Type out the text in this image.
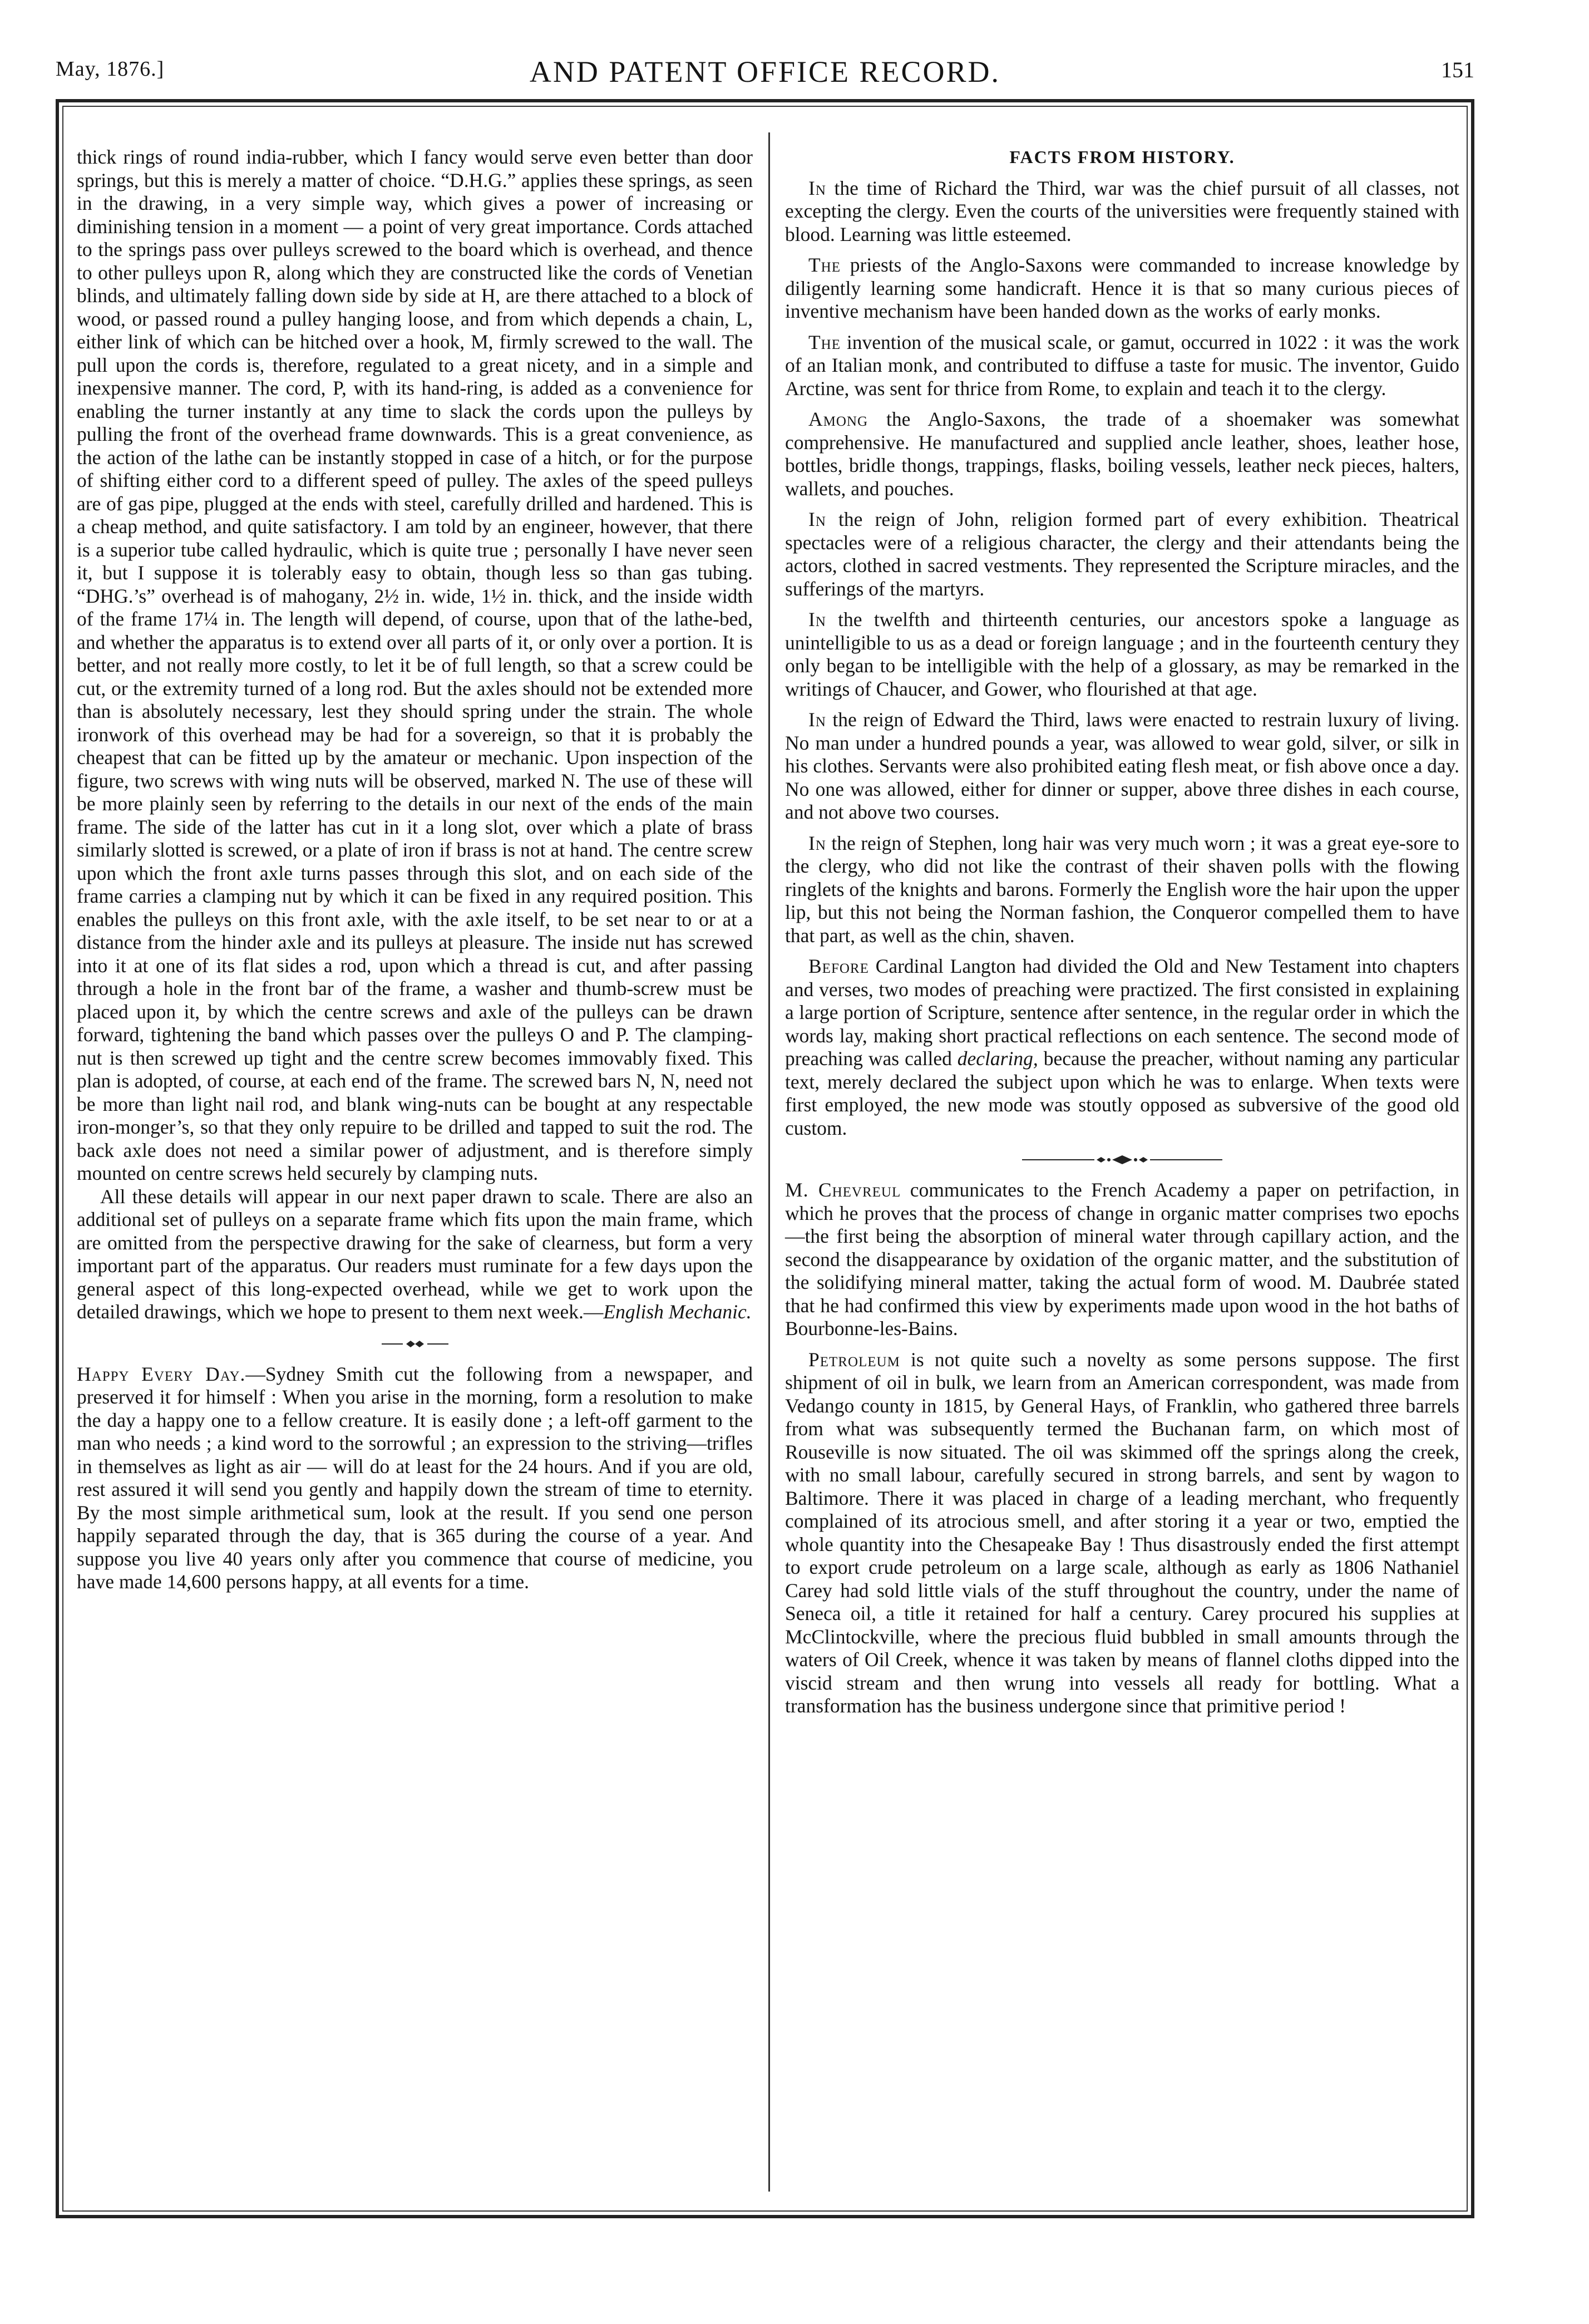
May, 1876.]	AND PATENT OFFICE RECORD.	151

thick rings of round india-rubber, which I fancy would serve even better than door springs, but this is merely a matter of choice. “D.H.G.” applies these springs, as seen in the drawing, in a very simple way, which gives a power of increasing or diminishing tension in a moment — a point of very great importance. Cords attached to the springs pass over pulleys screwed to the board which is overhead, and thence to other pulleys upon R, along which they are constructed like the cords of Venetian blinds, and ultimately falling down side by side at H, are there attached to a block of wood, or passed round a pulley hanging loose, and from which depends a chain, L, either link of which can be hitched over a hook, M, firmly screwed to the wall. The pull upon the cords is, therefore, regulated to a great nicety, and in a simple and inexpensive manner. The cord, P, with its hand-ring, is added as a convenience for enabling the turner instantly at any time to slack the cords upon the pulleys by pulling the front of the overhead frame downwards. This is a great convenience, as the action of the lathe can be instantly stopped in case of a hitch, or for the purpose of shifting either cord to a different speed of pulley. The axles of the speed pulleys are of gas pipe, plugged at the ends with steel, carefully drilled and hardened. This is a cheap method, and quite satisfactory. I am told by an engineer, however, that there is a superior tube called hydraulic, which is quite true ; personally I have never seen it, but I suppose it is tolerably easy to obtain, though less so than gas tubing. “DHG.’s” overhead is of mahogany, 2½ in. wide, 1½ in. thick, and the inside width of the frame 17¼ in. The length will depend, of course, upon that of the lathe-bed, and whether the apparatus is to extend over all parts of it, or only over a portion. It is better, and not really more costly, to let it be of full length, so that a screw could be cut, or the extremity turned of a long rod. But the axles should not be extended more than is absolutely necessary, lest they should spring under the strain. The whole ironwork of this overhead may be had for a sovereign, so that it is probably the cheapest that can be fitted up by the amateur or mechanic. Upon inspection of the figure, two screws with wing nuts will be observed, marked N. The use of these will be more plainly seen by referring to the details in our next of the ends of the main frame. The side of the latter has cut in it a long slot, over which a plate of brass similarly slotted is screwed, or a plate of iron if brass is not at hand. The centre screw upon which the front axle turns passes through this slot, and on each side of the frame carries a clamping nut by which it can be fixed in any required position. This enables the pulleys on this front axle, with the axle itself, to be set near to or at a distance from the hinder axle and its pulleys at pleasure. The inside nut has screwed into it at one of its flat sides a rod, upon which a thread is cut, and after passing through a hole in the front bar of the frame, a washer and thumb-screw must be placed upon it, by which the centre screws and axle of the pulleys can be drawn forward, tightening the band which passes over the pulleys O and P. The clamping-nut is then screwed up tight and the centre screw becomes immovably fixed. This plan is adopted, of course, at each end of the frame. The screwed bars N, N, need not be more than light nail rod, and blank wing-nuts can be bought at any respectable iron-monger’s, so that they only repuire to be drilled and tapped to suit the rod. The back axle does not need a similar power of adjustment, and is therefore simply mounted on centre screws held securely by clamping nuts.

All these details will appear in our next paper drawn to scale. There are also an additional set of pulleys on a separate frame which fits upon the main frame, which are omitted from the perspective drawing for the sake of clearness, but form a very important part of the apparatus. Our readers must ruminate for a few days upon the general aspect of this long-expected overhead, while we get to work upon the detailed drawings, which we hope to present to them next week.—English Mechanic.

Happy Every Day.—Sydney Smith cut the following from a newspaper, and preserved it for himself : When you arise in the morning, form a resolution to make the day a happy one to a fellow creature. It is easily done ; a left-off garment to the man who needs ; a kind word to the sorrowful ; an expression to the striving—trifles in themselves as light as air — will do at least for the 24 hours. And if you are old, rest assured it will send you gently and happily down the stream of time to eternity. By the most simple arithmetical sum, look at the result. If you send one person happily separated through the day, that is 365 during the course of a year. And suppose you live 40 years only after you commence that course of medicine, you have made 14,600 persons happy, at all events for a time.

FACTS FROM HISTORY.

In the time of Richard the Third, war was the chief pursuit of all classes, not excepting the clergy. Even the courts of the universities were frequently stained with blood. Learning was little esteemed.

The priests of the Anglo-Saxons were commanded to increase knowledge by diligently learning some handicraft. Hence it is that so many curious pieces of inventive mechanism have been handed down as the works of early monks.

The invention of the musical scale, or gamut, occurred in 1022 : it was the work of an Italian monk, and contributed to diffuse a taste for music. The inventor, Guido Arctine, was sent for thrice from Rome, to explain and teach it to the clergy.

Among the Anglo-Saxons, the trade of a shoemaker was somewhat comprehensive. He manufactured and supplied ancle leather, shoes, leather hose, bottles, bridle thongs, trappings, flasks, boiling vessels, leather neck pieces, halters, wallets, and pouches.

In the reign of John, religion formed part of every exhibition. Theatrical spectacles were of a religious character, the clergy and their attendants being the actors, clothed in sacred vestments. They represented the Scripture miracles, and the sufferings of the martyrs.

In the twelfth and thirteenth centuries, our ancestors spoke a language as unintelligible to us as a dead or foreign language ; and in the fourteenth century they only began to be intelligible with the help of a glossary, as may be remarked in the writings of Chaucer, and Gower, who flourished at that age.

In the reign of Edward the Third, laws were enacted to restrain luxury of living. No man under a hundred pounds a year, was allowed to wear gold, silver, or silk in his clothes. Servants were also prohibited eating flesh meat, or fish above once a day. No one was allowed, either for dinner or supper, above three dishes in each course, and not above two courses.

In the reign of Stephen, long hair was very much worn ; it was a great eye-sore to the clergy, who did not like the contrast of their shaven polls with the flowing ringlets of the knights and barons. Formerly the English wore the hair upon the upper lip, but this not being the Norman fashion, the Conqueror compelled them to have that part, as well as the chin, shaven.

Before Cardinal Langton had divided the Old and New Testament into chapters and verses, two modes of preaching were practized. The first consisted in explaining a large portion of Scripture, sentence after sentence, in the regular order in which the words lay, making short practical reflections on each sentence. The second mode of preaching was called declaring, because the preacher, without naming any particular text, merely declared the subject upon which he was to enlarge. When texts were first employed, the new mode was stoutly opposed as subversive of the good old custom.

M. Chevreul communicates to the French Academy a paper on petrifaction, in which he proves that the process of change in organic matter comprises two epochs—the first being the absorption of mineral water through capillary action, and the second the disappearance by oxidation of the organic matter, and the substitution of the solidifying mineral matter, taking the actual form of wood. M. Daubrée stated that he had confirmed this view by experiments made upon wood in the hot baths of Bourbonne-les-Bains.

Petroleum is not quite such a novelty as some persons suppose. The first shipment of oil in bulk, we learn from an American correspondent, was made from Vedango county in 1815, by General Hays, of Franklin, who gathered three barrels from what was subsequently termed the Buchanan farm, on which most of Rouseville is now situated. The oil was skimmed off the springs along the creek, with no small labour, carefully secured in strong barrels, and sent by wagon to Baltimore. There it was placed in charge of a leading merchant, who frequently complained of its atrocious smell, and after storing it a year or two, emptied the whole quantity into the Chesapeake Bay ! Thus disastrously ended the first attempt to export crude petroleum on a large scale, although as early as 1806 Nathaniel Carey had sold little vials of the stuff throughout the country, under the name of Seneca oil, a title it retained for half a century. Carey procured his supplies at McClintockville, where the precious fluid bubbled in small amounts through the waters of Oil Creek, whence it was taken by means of flannel cloths dipped into the viscid stream and then wrung into vessels all ready for bottling. What a transformation has the business undergone since that primitive period !
